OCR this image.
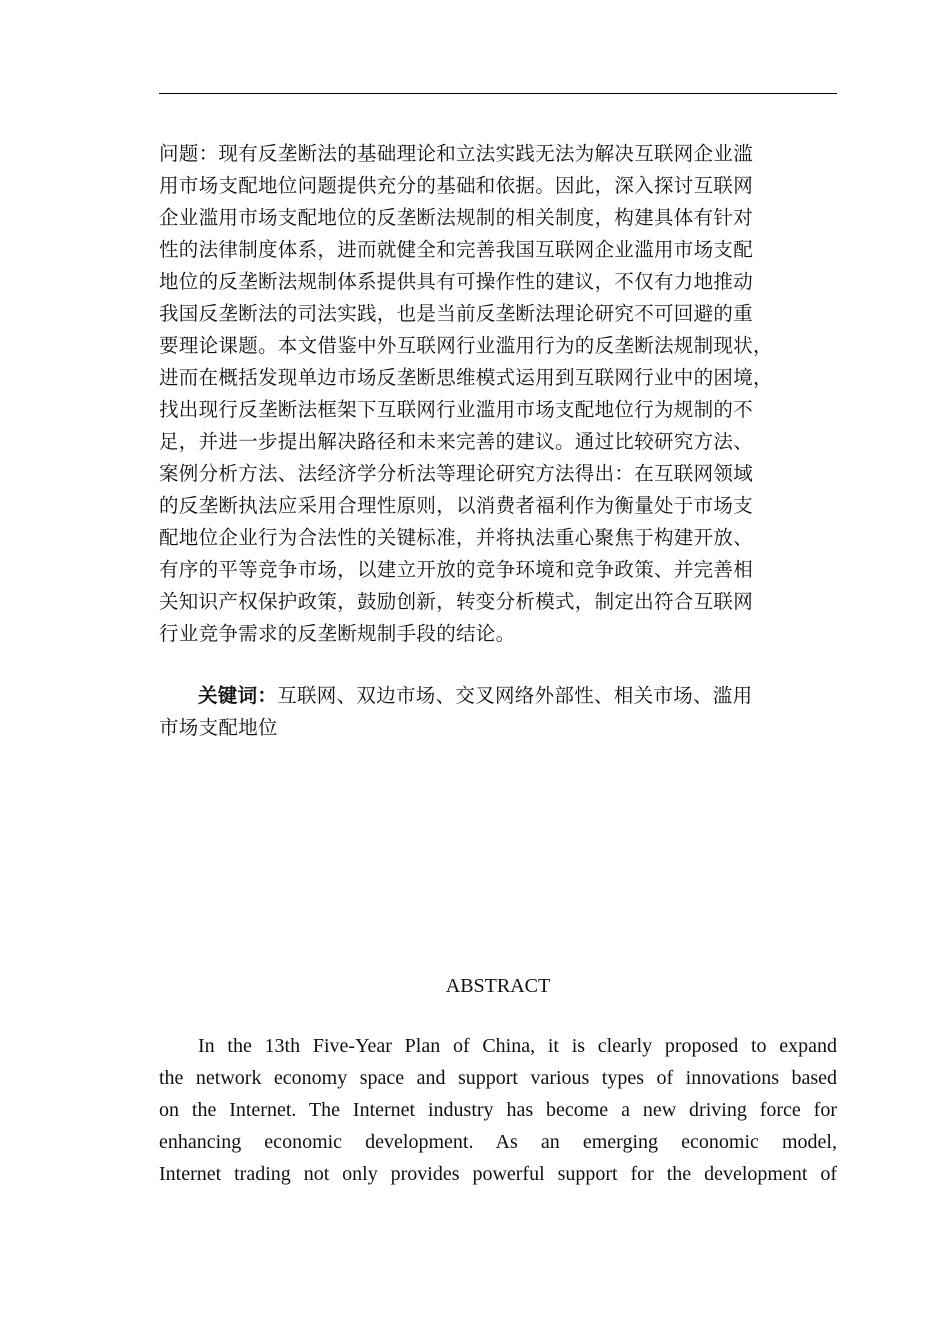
问题：现有反垄断法的基础理论和立法实践无法为解决互联网企业滥
用市场支配地位问题提供充分的基础和依据。因此，深入探讨互联网
企业滥用市场支配地位的反垄断法规制的相关制度，构建具体有针对
性的法律制度体系，进而就健全和完善我国互联网企业滥用市场支配
地位的反垄断法规制体系提供具有可操作性的建议，不仅有力地推动
我国反垄断法的司法实践，也是当前反垄断法理论研究不可回避的重
要理论课题。本文借鉴中外互联网行业滥用行为的反垄断法规制现状，
进而在概括发现单边市场反垄断思维模式运用到互联网行业中的困境，
找出现行反垄断法框架下互联网行业滥用市场支配地位行为规制的不
足，并进一步提出解决路径和未来完善的建议。通过比较研究方法、
案例分析方法、法经济学分析法等理论研究方法得出：在互联网领域
的反垄断执法应采用合理性原则，以消费者福利作为衡量处于市场支
配地位企业行为合法性的关键标准，并将执法重心聚焦于构建开放、
有序的平等竞争市场，以建立开放的竞争环境和竞争政策、并完善相
关知识产权保护政策，鼓励创新，转变分析模式，制定出符合互联网
行业竞争需求的反垄断规制手段的结论。
关键词：互联网、双边市场、交叉网络外部性、相关市场、滥用
市场支配地位
ABSTRACT
In the 13th Five-Year Plan of China, it is clearly proposed to expand
the network economy space and support various types of innovations based
on the Internet. The Internet industry has become a new driving force for
enhancing economic development. As an emerging economic model,
Internet trading not only provides powerful support for the development of
